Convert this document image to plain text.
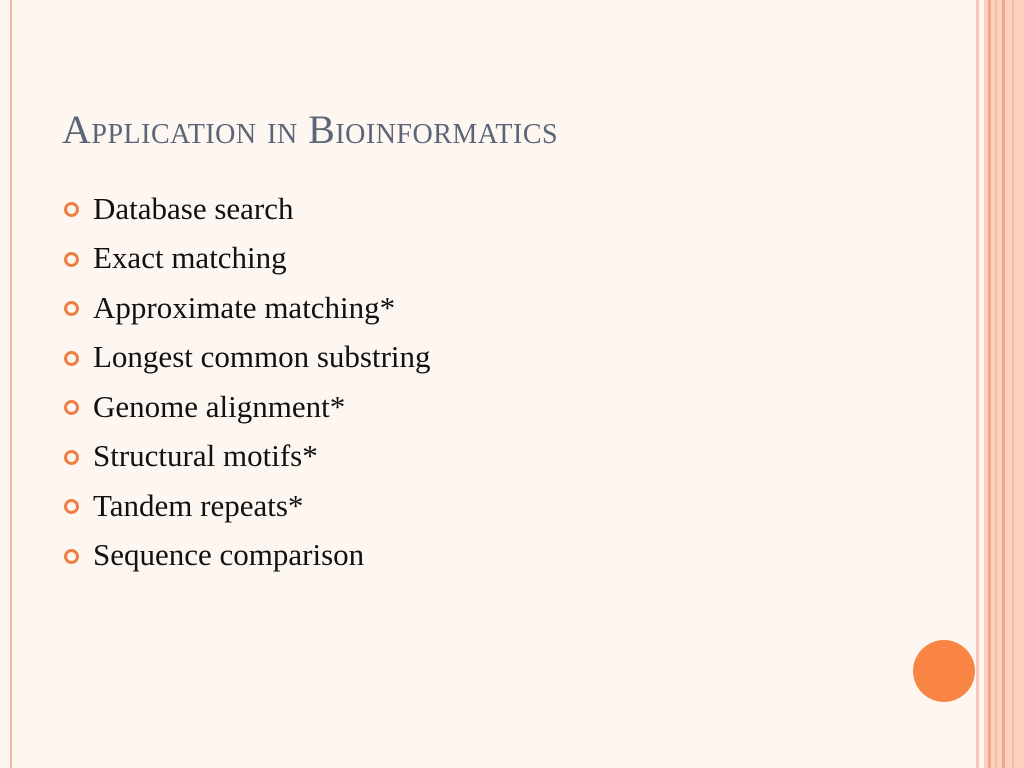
Application in Bioinformatics
Database search
Exact matching
Approximate matching*
Longest common substring
Genome alignment*
Structural motifs*
Tandem repeats*
Sequence comparison
